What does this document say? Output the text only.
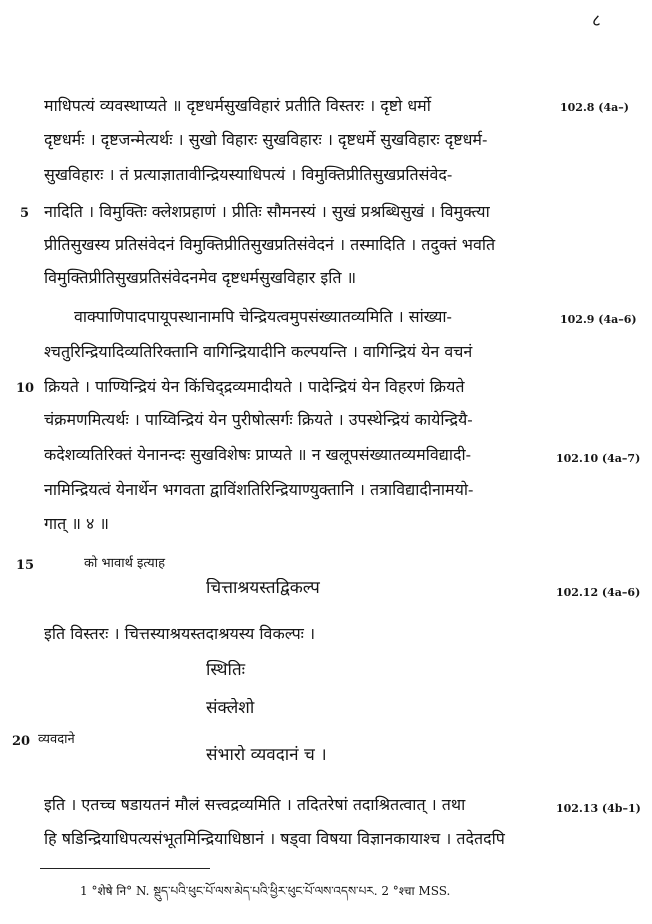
८
माधिपत्यं व्यवस्थाप्यते ॥ दृष्टधर्मसुखविहारं प्रतीति विस्तरः । दृष्टो धर्मो	102.8 (4a–)
दृष्टधर्मः । दृष्टजन्मेत्यर्थः । सुखो विहारः सुखविहारः । दृष्टधर्मे सुखविहारः दृष्टधर्म-
सुखविहारः । तं प्रत्याज्ञातावीन्द्रियस्याधिपत्यं । विमुक्तिप्रीतिसुखप्रतिसंवेद-
5 नादिति । विमुक्तिः क्लेशप्रहाणं । प्रीतिः सौमनस्यं । सुखं प्रश्रब्धिसुखं । विमुक्त्या
प्रीतिसुखस्य प्रतिसंवेदनं विमुक्तिप्रीतिसुखप्रतिसंवेदनं । तस्मादिति । तदुक्तं भवति
विमुक्तिप्रीतिसुखप्रतिसंवेदनमेव दृष्टधर्मसुखविहार इति ॥
वाक्पाणिपादपायूपस्थानामपि चेन्द्रियत्वमुपसंख्यातव्यमिति । सांख्या-	102.9 (4a–6)
श्चतुरिन्द्रियादिव्यतिरिक्तानि वागिन्द्रियादीनि कल्पयन्ति । वागिन्द्रियं येन वचनं
10 क्रियते । पाण्यिन्द्रियं येन किंचिद्द्रव्यमादीयते । पादेन्द्रियं येन विहरणं क्रियते
चंक्रमणमित्यर्थः । पाय्विन्द्रियं येन पुरीषोत्सर्गः क्रियते । उपस्थेन्द्रियं कायेन्द्रियै-
कदेशव्यतिरिक्तं येनानन्दः सुखविशेषः प्राप्यते ॥ न खलूपसंख्यातव्यमविद्यादी-	102.10 (4a–7)
नामिन्द्रियत्वं येनार्थेन भगवता द्वाविंशतिरिन्द्रियाण्युक्तानि । तत्राविद्यादीनामयो-
गात् ॥ ४ ॥
15	को भावार्थ इत्याह
चित्ताश्रयस्तद्विकल्प	102.12 (4a–6)
इति विस्तरः । चित्तस्याश्रयस्तदाश्रयस्य विकल्पः ।
स्थितिः
संक्लेशो
20 व्यवदाने
संभारो व्यवदानं च ।
इति । एतच्च षडायतनं मौलं सत्त्वद्रव्यमिति । तदितरेषां तदाश्रितत्वात् । तथा	102.13 (4b–1)
हि षडिन्द्रियाधिपत्यसंभूतमिन्द्रियाधिष्ठानं । षड्वा विषया विज्ञानकायाश्च । तदेतदपि
1 °शेषे नि° N. སྡུད་པའི་ཕུང་པོ་ལས་མེད་པའི་ཕྱིར་ཕུང་པོ་ལས་འདས་པར. 2 °श्चा MSS.
